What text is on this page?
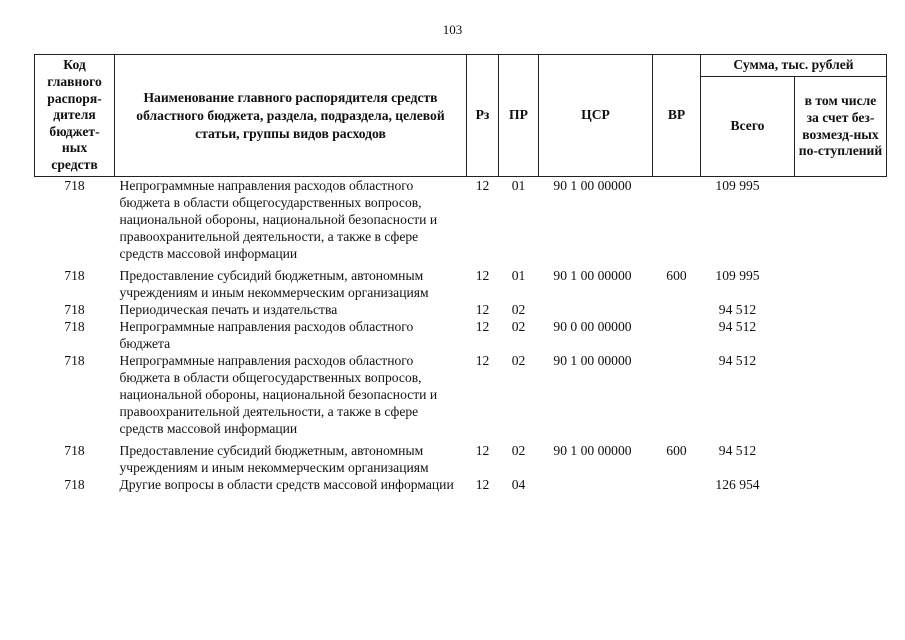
103

Код главного распоря-дителя бюджет-ных средств	Наименование главного распорядителя средств областного бюджета, раздела, подраздела, целевой статьи, группы видов расходов	Рз	ПР	ЦСР	ВР	Сумма, тыс. рублей	
						Всего	в том числе за счет без-возмезд-ных по-ступлений
718	Непрограммные направления расходов областного бюджета в области общегосударственных вопросов, национальной обороны, национальной безопасности и правоохранительной деятельности, а также в сфере средств массовой информации	12	01	90 1 00 00000		109 995	
718	Предоставление субсидий бюджетным, автономным учреждениям и иным некоммерческим организациям	12	01	90 1 00 00000	600	109 995	
718	Периодическая печать и издательства	12	02			94 512	
718	Непрограммные направления расходов областного бюджета	12	02	90 0 00 00000		94 512	
718	Непрограммные направления расходов областного бюджета в области общегосударственных вопросов, национальной обороны, национальной безопасности и правоохранительной деятельности, а также в сфере средств массовой информации	12	02	90 1 00 00000		94 512	
718	Предоставление субсидий бюджетным, автономным учреждениям и иным некоммерческим организациям	12	02	90 1 00 00000	600	94 512	
718	Другие вопросы в области средств массовой информации	12	04			126 954	
